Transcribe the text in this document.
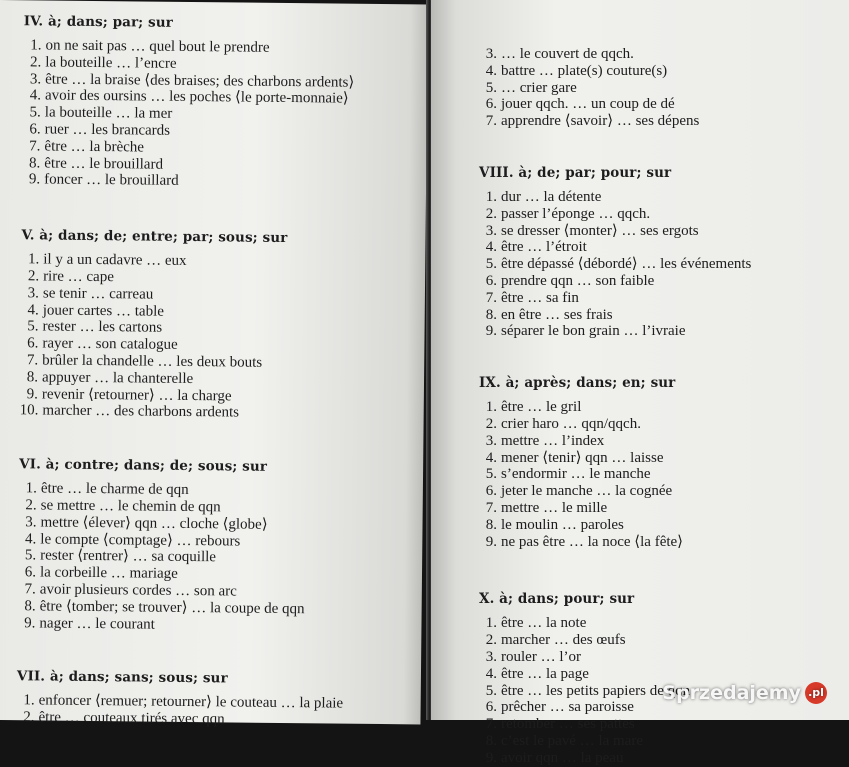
IV. à; dans; par; sur
1. on ne sait pas … quel bout le prendre
2. la bouteille … l’encre
3. être … la braise ⟨des braises; des charbons ardents⟩
4. avoir des oursins … les poches ⟨le porte-monnaie⟩
5. la bouteille … la mer
6. ruer … les brancards
7. être … la brèche
8. être … le brouillard
9. foncer … le brouillard
V. à; dans; de; entre; par; sous; sur
1. il y a un cadavre … eux
2. rire … cape
3. se tenir … carreau
4. jouer cartes … table
5. rester … les cartons
6. rayer … son catalogue
7. brûler la chandelle … les deux bouts
8. appuyer … la chanterelle
9. revenir ⟨retourner⟩ … la charge
10. marcher … des charbons ardents
VI. à; contre; dans; de; sous; sur
1. être … le charme de qqn
2. se mettre … le chemin de qqn
3. mettre ⟨élever⟩ qqn … cloche ⟨globe⟩
4. le compte ⟨comptage⟩ … rebours
5. rester ⟨rentrer⟩ … sa coquille
6. la corbeille … mariage
7. avoir plusieurs cordes … son arc
8. être ⟨tomber; se trouver⟩ … la coupe de qqn
9. nager … le courant
VII. à; dans; sans; sous; sur
1. enfoncer ⟨remuer; retourner⟩ le couteau … la plaie
2. être … couteaux tirés avec qqn
3. … le couvert de qqch.
4. battre … plate(s) couture(s)
5. … crier gare
6. jouer qqch. … un coup de dé
7. apprendre ⟨savoir⟩ … ses dépens
VIII. à; de; par; pour; sur
1. dur … la détente
2. passer l’éponge … qqch.
3. se dresser ⟨monter⟩ … ses ergots
4. être … l’étroit
5. être dépassé ⟨débordé⟩ … les événements
6. prendre qqn … son faible
7. être … sa fin
8. en être … ses frais
9. séparer le bon grain … l’ivraie
IX. à; après; dans; en; sur
1. être … le gril
2. crier haro … qqn/qqch.
3. mettre … l’index
4. mener ⟨tenir⟩ qqn … laisse
5. s’endormir … le manche
6. jeter le manche … la cognée
7. mettre … le mille
8. le moulin … paroles
9. ne pas être … la noce ⟨la fête⟩
X. à; dans; pour; sur
1. être … la note
2. marcher … des œufs
3. rouler … l’or
4. être … la page
5. être … les petits papiers de qqn
6. prêcher … sa paroisse
7. retomber … ses pattes
8. c’est le pavé … la mare
9. avoir qqn … la peau
Sprzedajemy .pl
